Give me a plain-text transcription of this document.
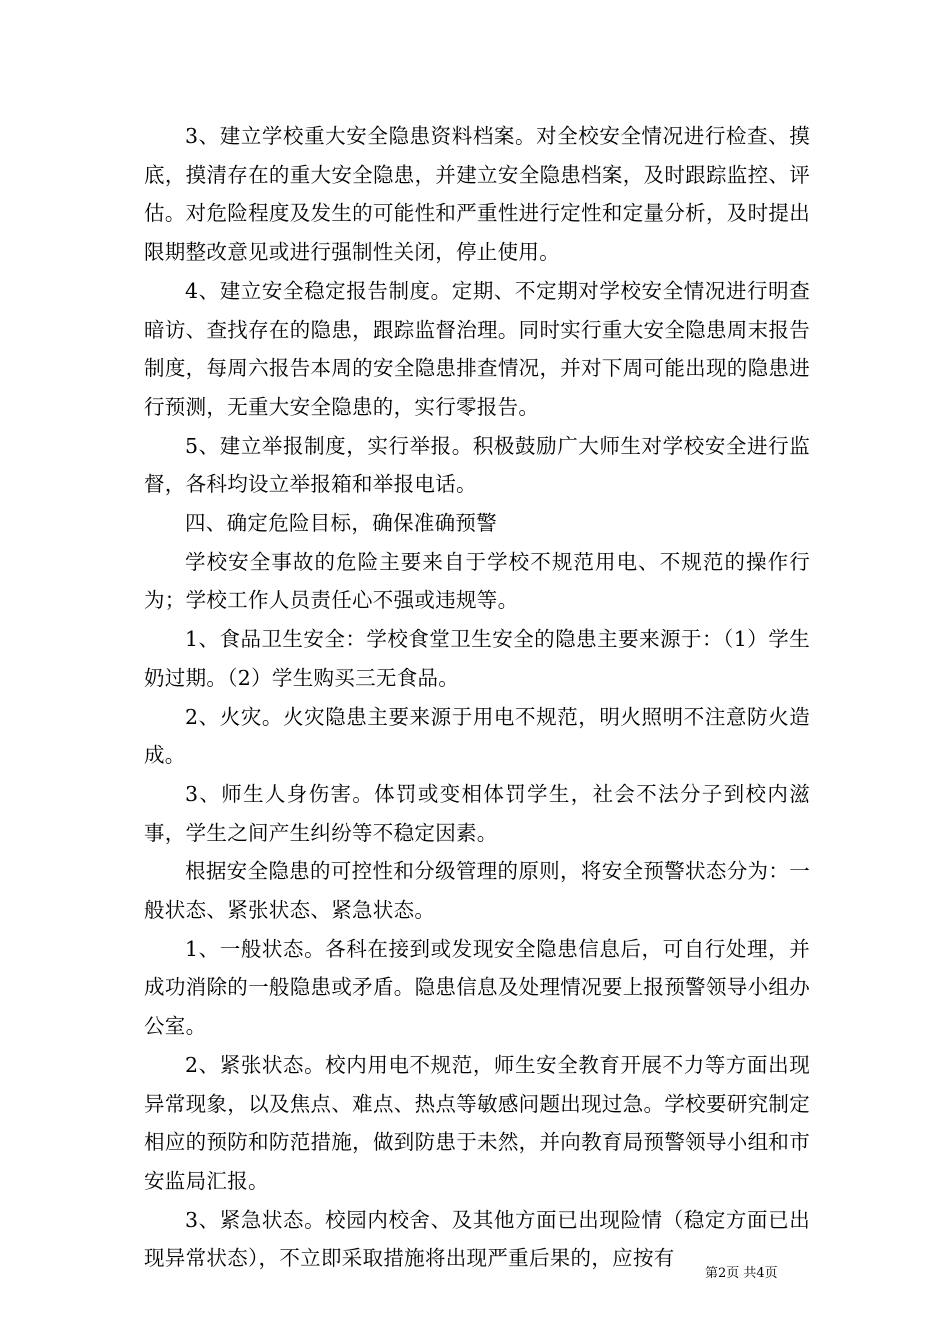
3、建立学校重大安全隐患资料档案。对全校安全情况进行检查、摸底，摸清存在的重大安全隐患，并建立安全隐患档案，及时跟踪监控、评估。对危险程度及发生的可能性和严重性进行定性和定量分析，及时提出限期整改意见或进行强制性关闭，停止使用。

4、建立安全稳定报告制度。定期、不定期对学校安全情况进行明查暗访、查找存在的隐患，跟踪监督治理。同时实行重大安全隐患周末报告制度，每周六报告本周的安全隐患排查情况，并对下周可能出现的隐患进行预测，无重大安全隐患的，实行零报告。

5、建立举报制度，实行举报。积极鼓励广大师生对学校安全进行监督，各科均设立举报箱和举报电话。

四、确定危险目标，确保准确预警

学校安全事故的危险主要来自于学校不规范用电、不规范的操作行为；学校工作人员责任心不强或违规等。

1、食品卫生安全：学校食堂卫生安全的隐患主要来源于：（1）学生奶过期。（2）学生购买三无食品。

2、火灾。火灾隐患主要来源于用电不规范，明火照明不注意防火造成。

3、师生人身伤害。体罚或变相体罚学生，社会不法分子到校内滋事，学生之间产生纠纷等不稳定因素。

根据安全隐患的可控性和分级管理的原则，将安全预警状态分为：一般状态、紧张状态、紧急状态。

1、一般状态。各科在接到或发现安全隐患信息后，可自行处理，并成功消除的一般隐患或矛盾。隐患信息及处理情况要上报预警领导小组办公室。

2、紧张状态。校内用电不规范，师生安全教育开展不力等方面出现异常现象，以及焦点、难点、热点等敏感问题出现过急。学校要研究制定相应的预防和防范措施，做到防患于未然，并向教育局预警领导小组和市安监局汇报。

3、紧急状态。校园内校舍、及其他方面已出现险情（稳定方面已出现异常状态），不立即采取措施将出现严重后果的，应按有

第2页 共4页
